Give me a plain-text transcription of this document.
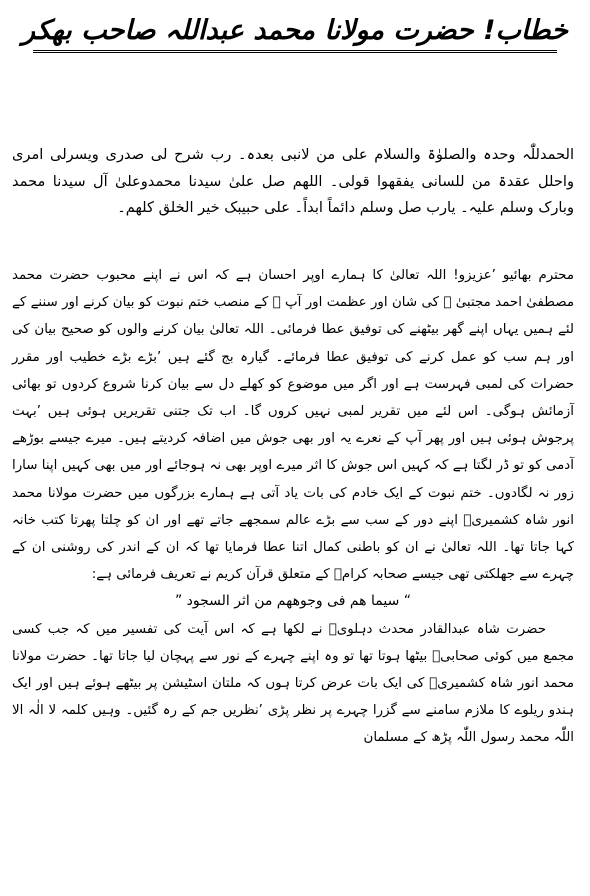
خطاب! حضرت مولانا محمد عبداللہ صاحب بھکر

الحمدللّٰہ وحدہ والصلوٰۃ والسلام علی من لانبی بعدہ۔ رب شرح لی صدری ویسرلی امری واحلل عقدۃ من للسانی یفقھوا قولی۔ اللھم صل علیٰ سیدنا محمدوعلیٰ آل سیدنا محمد وبارک وسلم علیہ۔ یارب صل وسلم دائماً ابداً۔ علی حبیبک خیر الخلق کلھم۔

محترم بھائیو ’عزیزو! اللہ تعالیٰ کا ہمارے اوپر احسان ہے کہ اس نے اپنے محبوب حضرت محمد مصطفیٰ احمد مجتبیٰ ﷺ کی شان اور عظمت اور آپ ﷺ کے منصب ختم نبوت کو بیان کرنے اور سننے کے لئے ہمیں یہاں اپنے گھر بیٹھنے کی توفیق عطا فرمائی۔ اللہ تعالیٰ بیان کرنے والوں کو صحیح بیان کی اور ہم سب کو عمل کرنے کی توفیق عطا فرمائے۔ گیارہ بج گئے ہیں ’بڑے بڑے خطیب اور مقرر حضرات کی لمبی فہرست ہے اور اگر میں موضوع کو کھلے دل سے بیان کرنا شروع کردوں تو بھائی آزمائش ہوگی۔ اس لئے میں تقریر لمبی نہیں کروں گا۔ اب تک جتنی تقریریں ہوئی ہیں ’بہت پرجوش ہوئی ہیں اور پھر آپ کے نعرے یہ اور بھی جوش میں اضافہ کردیتے ہیں۔ میرے جیسے بوڑھے آدمی کو تو ڈر لگتا ہے کہ کہیں اس جوش کا اثر میرے اوپر بھی نہ ہوجائے اور میں بھی کہیں اپنا سارا زور نہ لگادوں۔ ختم نبوت کے ایک خادم کی بات یاد آتی ہے ہمارے بزرگوں میں حضرت مولانا محمد انور شاہ کشمیریؒ اپنے دور کے سب سے بڑے عالم سمجھے جاتے تھے اور ان کو چلتا پھرتا کتب خانہ کہا جاتا تھا۔ اللہ تعالیٰ نے ان کو باطنی کمال اتنا عطا فرمایا تھا کہ ان کے اندر کی روشنی ان کے چہرے سے جھلکتی تھی جیسے صحابہ کرامؓ کے متعلق قرآن کریم نے تعریف فرمائی ہے:

“ سیما ھم فی وجوھھم من اثر السجود ”

حضرت شاہ عبدالقادر محدث دہلویؒ نے لکھا ہے کہ اس آیت کی تفسیر میں کہ جب کسی مجمع میں کوئی صحابیؓ بیٹھا ہوتا تھا تو وہ اپنے چہرے کے نور سے پہچان لیا جاتا تھا۔ حضرت مولانا محمد انور شاہ کشمیریؒ کی ایک بات عرض کرتا ہوں کہ ملتان اسٹیشن پر بیٹھے ہوئے ہیں اور ایک ہندو ریلوے کا ملازم سامنے سے گزرا چہرے پر نظر پڑی ’نظریں جم کے رہ گئیں۔ وہیں کلمہ لا الٰہ الا اللّٰہ محمد رسول اللّٰہ پڑھ کے مسلمان
